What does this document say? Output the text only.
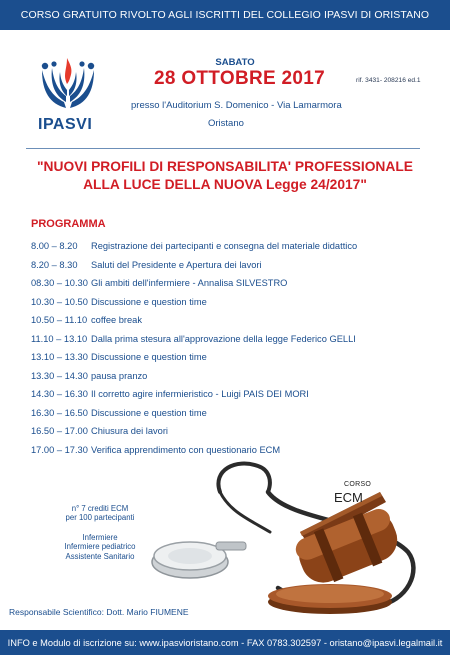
CORSO GRATUITO RIVOLTO AGLI ISCRITTI DEL COLLEGIO IPASVI DI ORISTANO
IPASVI
SABATO
28 OTTOBRE 2017	rif. 3431- 208216 ed.1
presso l'Auditorium S. Domenico - Via Lamarmora
Oristano
"NUOVI PROFILI DI RESPONSABILITA' PROFESSIONALE
ALLA LUCE DELLA NUOVA Legge 24/2017"
PROGRAMMA
8.00 – 8.20	Registrazione dei partecipanti e consegna del materiale didattico
8.20 – 8.30	Saluti del Presidente e Apertura dei lavori
08.30 – 10.30 Gli ambiti dell'infermiere - Annalisa SILVESTRO
10.30 – 10.50 Discussione e question time
10.50 – 11.10 coffee break
11.10 – 13.10 Dalla prima stesura all'approvazione della legge Federico GELLI
13.10 – 13.30 Discussione e question time
13.30 – 14.30 pausa pranzo
14.30 – 16.30 Il corretto agire infermieristico - Luigi PAIS DEI MORI
16.30 – 16.50 Discussione e question time
16.50 – 17.00 Chiusura dei lavori
17.00 – 17.30 Verifica apprendimento con questionario ECM
n° 7 crediti ECM
per 100 partecipanti
Infermiere
Infermiere pediatrico
Assistente Sanitario
CORSO
ECM
Responsabile Scientifico: Dott. Mario FIUMENE
INFO e Modulo di iscrizione su: www.ipasvioristano.com - FAX 0783.302597 - oristano@ipasvi.legalmail.it
